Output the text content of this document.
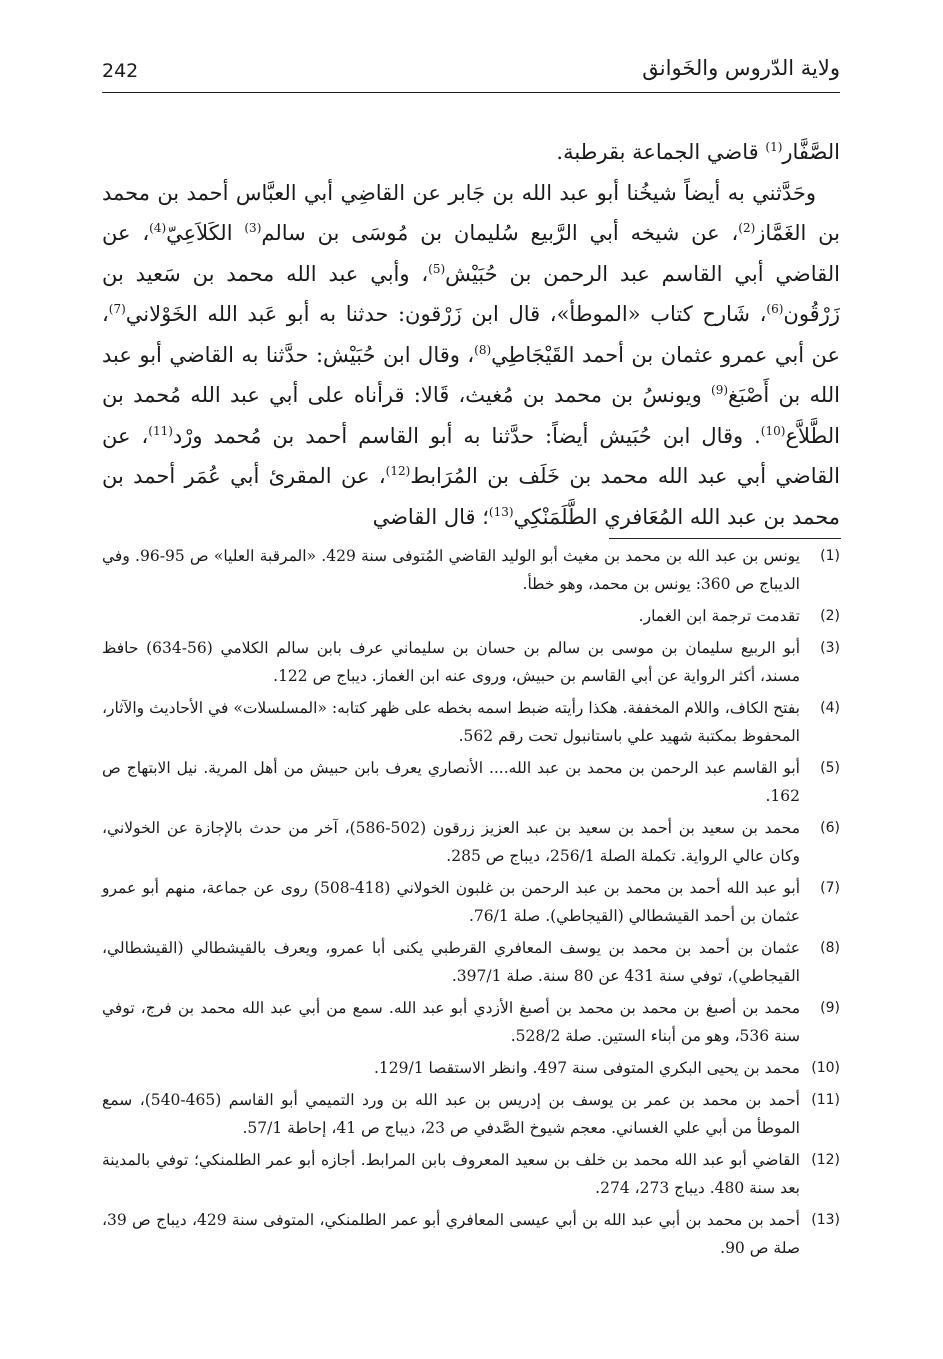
242	ولاية الدّروس والخَوانق

الصَّفَّار$^{(1)}$ قاضي الجماعة بقرطبة.

وحَدَّثني به أيضاً شيخُنا أبو عبد الله بن جَابر عن القاضِي أبي العبَّاس أحمد بن محمد بن الغَمَّاز$^{(2)}$، عن شيخه أبي الرَّبيع سُليمان بن مُوسَى بن سالم$^{(3)}$ الكَلاَعِيّ$^{(4)}$، عن القاضي أبي القاسم عبد الرحمن بن حُبَيْش$^{(5)}$، وأبي عبد الله محمد بن سَعيد بن زَرْقُون$^{(6)}$، شَارح كتاب «الموطأ»، قال ابن زَرْقون: حدثنا به أبو عَبد الله الخَوْلاني$^{(7)}$، عن أبي عمرو عثمان بن أحمد القَيْجَاطِي$^{(8)}$، وقال ابن حُبَيْش: حدَّثنا به القاضي أبو عبد الله بن أَصْبَغ$^{(9)}$ ويونسُ بن محمد بن مُغيث، قَالا: قرأناه على أبي عبد الله مُحمد بن الطَّلاَّع$^{(10)}$. وقال ابن حُبَيش أيضاً: حدَّثنا به أبو القاسم أحمد بن مُحمد ورْد$^{(11)}$، عن القاضي أبي عبد الله محمد بن خَلَف بن المُرَابط$^{(12)}$، عن المقرئ أبي عُمَر أحمد بن محمد بن عبد الله المُعَافري الطَّلَمَنْكِي$^{(13)}$؛ قال القاضي

(1)
يونس بن عبد الله بن محمد بن مغيث أبو الوليد القاضي المُتوفى سنة 429. «المرقبة العليا» ص 95-96. وفي الديباج ص 360: يونس بن محمد، وهو خطأ.
(2)
تقدمت ترجمة ابن الغمار.
(3)
أبو الربيع سليمان بن موسى بن سالم بن حسان بن سليماني عرف بابن سالم الكلامي (56-634) حافظ مسند، أكثر الرواية عن أبي القاسم بن حبيش، وروى عنه ابن الغماز. ديباج ص 122.
(4)
بفتح الكاف، واللام المخففة. هكذا رأيته ضبط اسمه بخطه على ظهر كتابه: «المسلسلات» في الأحاديث والآثار، المحفوظ بمكتبة شهيد علي باستانبول تحت رقم 562.
(5)
أبو القاسم عبد الرحمن بن محمد بن عبد الله.... الأنصاري يعرف بابن حبيش من أهل المرية. نيل الابتهاج ص 162.
(6)
محمد بن سعيد بن أحمد بن سعيد بن عبد العزيز زرقون (502-586)، آخر من حدث بالإجازة عن الخولاني، وكان عالي الرواية. تكملة الصلة 256/1، ديباج ص 285.
(7)
أبو عبد الله أحمد بن محمد بن عبد الرحمن بن غلبون الخولاني (418-508) روى عن جماعة، منهم أبو عمرو عثمان بن أحمد القيشطالي (القيجاطي). صلة 76/1.
(8)
عثمان بن أحمد بن محمد بن يوسف المعافري القرطبي يكنى أبا عمرو، ويعرف بالقيشطالي (القيشطالي، القيجاطي)، توفي سنة 431 عن 80 سنة. صلة 397/1.
(9)
محمد بن أصبغ بن محمد بن محمد بن أصبغ الأزدي أبو عبد الله. سمع من أبي عبد الله محمد بن فرج، توفي سنة 536، وهو من أبناء الستين. صلة 528/2.
(10)
محمد بن يحيى البكري المتوفى سنة 497. وانظر الاستقصا 129/1.
(11)
أحمد بن محمد بن عمر بن يوسف بن إدريس بن عبد الله بن ورد التميمي أبو القاسم (465-540)، سمع الموطأ من أبي علي الغساني. معجم شيوخ الصَّدفي ص 23، ديباج ص 41، إحاطة 57/1.
(12)
القاضي أبو عبد الله محمد بن خلف بن سعيد المعروف بابن المرابط. أجازه أبو عمر الطلمنكي؛ توفي بالمدينة بعد سنة 480. ديباج 273، 274.
(13)
أحمد بن محمد بن أبي عبد الله بن أبي عيسى المعافري أبو عمر الطلمنكي، المتوفى سنة 429، ديباج ص 39، صلة ص 90.
